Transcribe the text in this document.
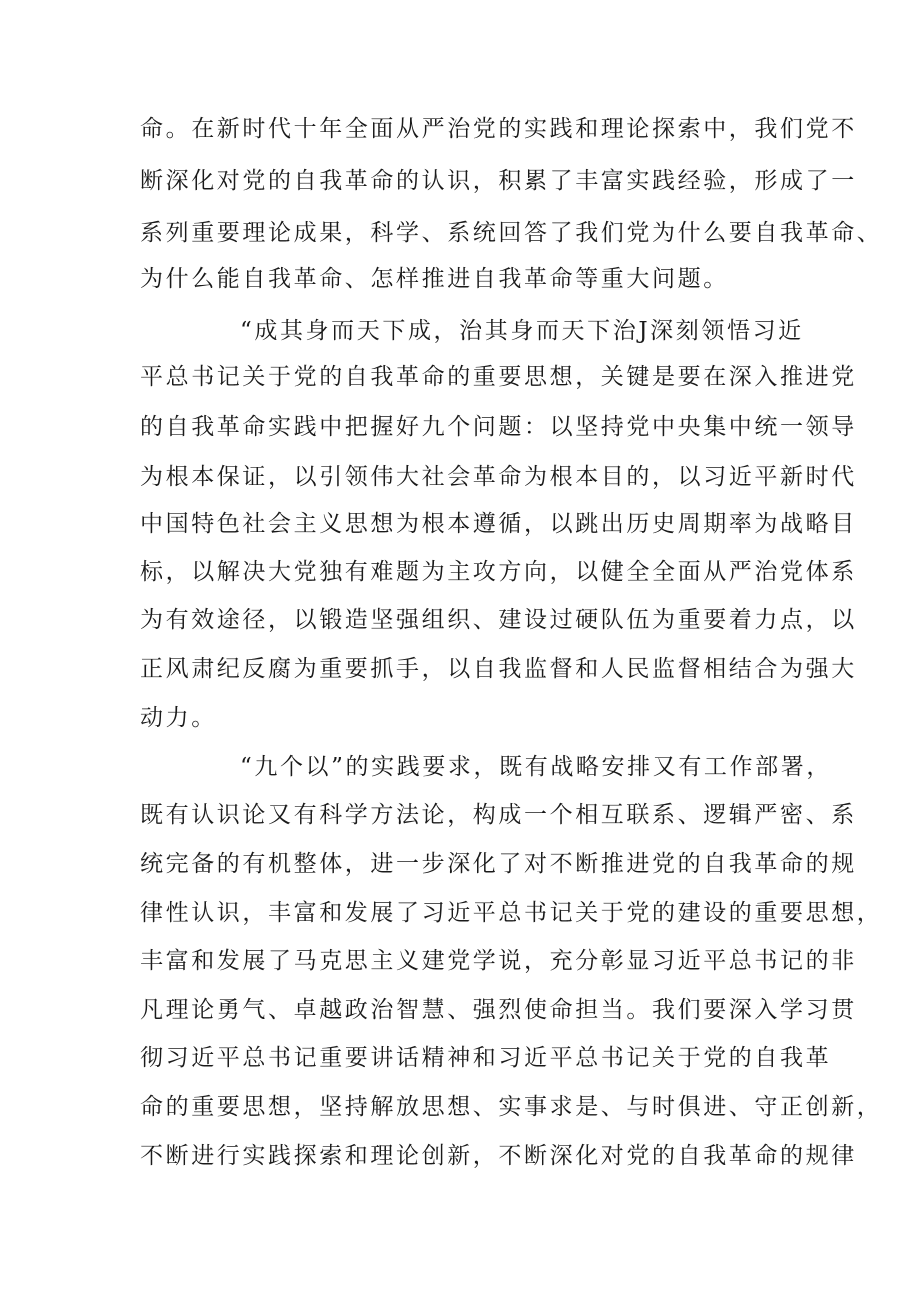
命。在新时代十年全面从严治党的实践和理论探索中，我们党不
断深化对党的自我革命的认识，积累了丰富实践经验，形成了一
系列重要理论成果，科学、系统回答了我们党为什么要自我革命、
为什么能自我革命、怎样推进自我革命等重大问题。
“成其身而天下成，治其身而天下治J深刻领悟习近
平总书记关于党的自我革命的重要思想，关键是要在深入推进党
的自我革命实践中把握好九个问题：以坚持党中央集中统一领导
为根本保证，以引领伟大社会革命为根本目的，以习近平新时代
中国特色社会主义思想为根本遵循，以跳出历史周期率为战略目
标，以解决大党独有难题为主攻方向，以健全全面从严治党体系
为有效途径，以锻造坚强组织、建设过硬队伍为重要着力点，以
正风肃纪反腐为重要抓手，以自我监督和人民监督相结合为强大
动力。
“九个以”的实践要求，既有战略安排又有工作部署，
既有认识论又有科学方法论，构成一个相互联系、逻辑严密、系
统完备的有机整体，进一步深化了对不断推进党的自我革命的规
律性认识，丰富和发展了习近平总书记关于党的建设的重要思想，
丰富和发展了马克思主义建党学说，充分彰显习近平总书记的非
凡理论勇气、卓越政治智慧、强烈使命担当。我们要深入学习贯
彻习近平总书记重要讲话精神和习近平总书记关于党的自我革
命的重要思想，坚持解放思想、实事求是、与时俱进、守正创新，
不断进行实践探索和理论创新，不断深化对党的自我革命的规律
